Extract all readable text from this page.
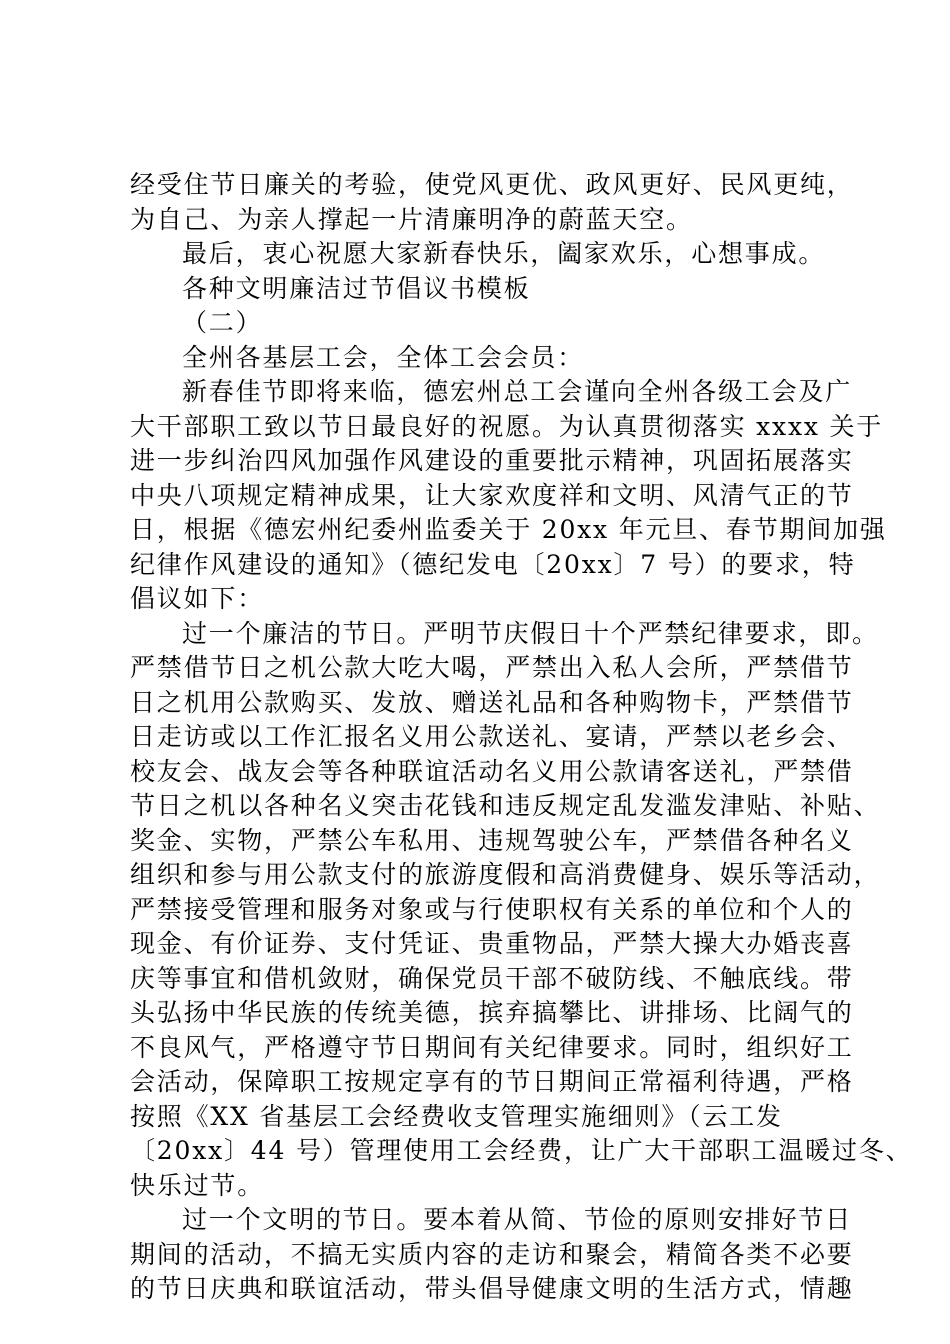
经受住节日廉关的考验，使党风更优、政风更好、民风更纯，
为自己、为亲人撑起一片清廉明净的蔚蓝天空。
最后，衷心祝愿大家新春快乐，阖家欢乐，心想事成。
各种文明廉洁过节倡议书模板
（二）
全州各基层工会，全体工会会员：
新春佳节即将来临，德宏州总工会谨向全州各级工会及广
大干部职工致以节日最良好的祝愿。为认真贯彻落实 xxxx 关于
进一步纠治四风加强作风建设的重要批示精神，巩固拓展落实
中央八项规定精神成果，让大家欢度祥和文明、风清气正的节
日，根据《德宏州纪委州监委关于 20xx 年元旦、春节期间加强
纪律作风建设的通知》（德纪发电〔20xx〕7 号）的要求，特
倡议如下：
过一个廉洁的节日。严明节庆假日十个严禁纪律要求，即。
严禁借节日之机公款大吃大喝，严禁出入私人会所，严禁借节
日之机用公款购买、发放、赠送礼品和各种购物卡，严禁借节
日走访或以工作汇报名义用公款送礼、宴请，严禁以老乡会、
校友会、战友会等各种联谊活动名义用公款请客送礼，严禁借
节日之机以各种名义突击花钱和违反规定乱发滥发津贴、补贴、
奖金、实物，严禁公车私用、违规驾驶公车，严禁借各种名义
组织和参与用公款支付的旅游度假和高消费健身、娱乐等活动，
严禁接受管理和服务对象或与行使职权有关系的单位和个人的
现金、有价证券、支付凭证、贵重物品，严禁大操大办婚丧喜
庆等事宜和借机敛财，确保党员干部不破防线、不触底线。带
头弘扬中华民族的传统美德，摈弃搞攀比、讲排场、比阔气的
不良风气，严格遵守节日期间有关纪律要求。同时，组织好工
会活动，保障职工按规定享有的节日期间正常福利待遇，严格
按照《XX 省基层工会经费收支管理实施细则》（云工发
〔20xx〕44 号）管理使用工会经费，让广大干部职工温暖过冬、
快乐过节。
过一个文明的节日。要本着从简、节俭的原则安排好节日
期间的活动，不搞无实质内容的走访和聚会，精简各类不必要
的节日庆典和联谊活动，带头倡导健康文明的生活方式，情趣
